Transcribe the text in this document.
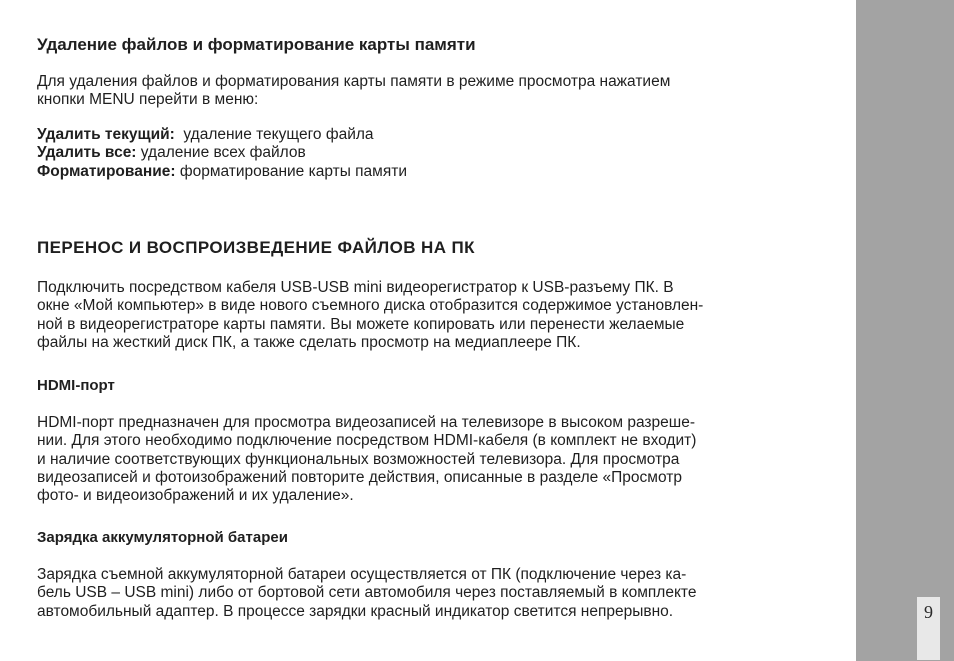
Удаление файлов и форматирование карты памяти

Для удаления файлов и форматирования карты памяти в режиме просмотра нажатием
кнопки MENU перейти в меню:

Удалить текущий:  удаление текущего файла
Удалить все: удаление всех файлов
Форматирование: форматирование карты памяти
ПЕРЕНОС И ВОСПРОИЗВЕДЕНИЕ ФАЙЛОВ НА ПК

Подключить посредством кабеля USB-USB mini видеорегистратор к USB-разъему ПК. В
окне «Мой компьютер» в виде нового съемного диска отобразится содержимое установлен-
ной в видеорегистраторе карты памяти. Вы можете копировать или перенести желаемые
файлы на жесткий диск ПК, а также сделать просмотр на медиаплеере ПК.

HDMI-порт

HDMI-порт предназначен для просмотра видеозаписей на телевизоре в высоком разреше-
нии. Для этого необходимо подключение посредством HDMI-кабеля (в комплект не входит)
и наличие соответствующих функциональных возможностей телевизора. Для просмотра
видеозаписей и фотоизображений повторите действия, описанные в разделе «Просмотр
фото- и видеоизображений и их удаление».

Зарядка аккумуляторной батареи

Зарядка съемной аккумуляторной батареи осуществляется от ПК (подключение через ка-
бель USB – USB mini) либо от бортовой сети автомобиля через поставляемый в комплекте
автомобильный адаптер. В процессе зарядки красный индикатор светится непрерывно.	9
